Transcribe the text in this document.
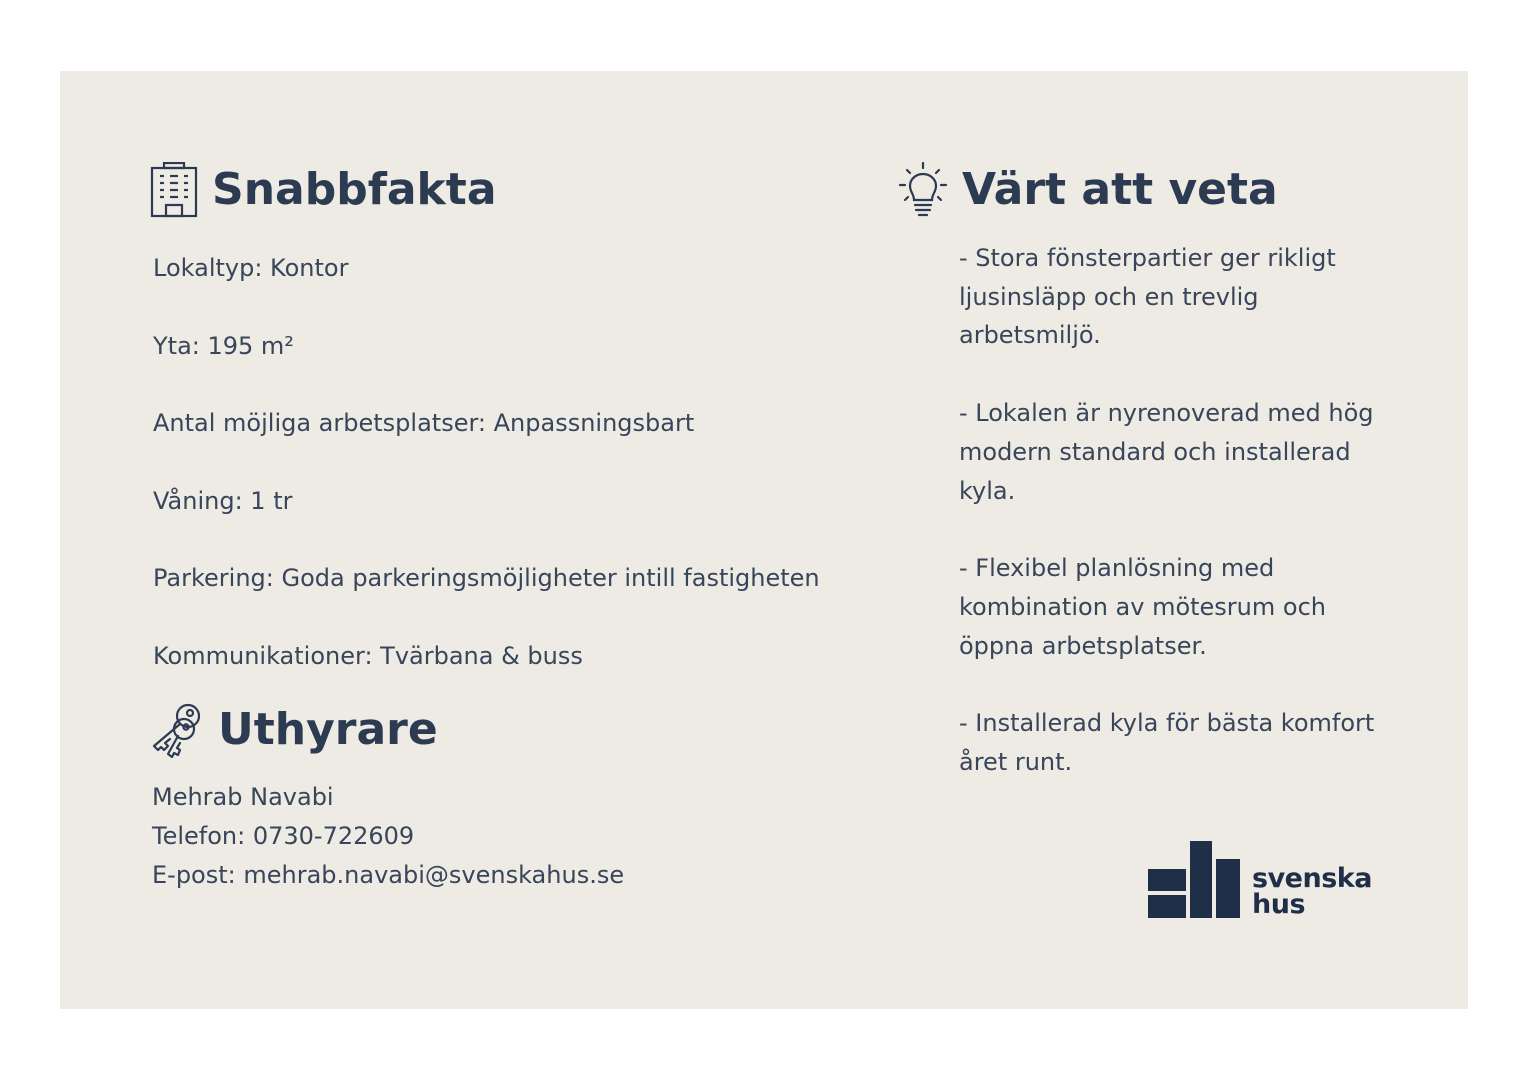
Snabbfakta
Lokaltyp: Kontor
Yta: 195 m²
Antal möjliga arbetsplatser: Anpassningsbart
Våning: 1 tr
Parkering: Goda parkeringsmöjligheter intill fastigheten
Kommunikationer: Tvärbana & buss
Uthyrare
Mehrab Navabi
Telefon: 0730-722609
E-post: mehrab.navabi@svenskahus.se
Värt att veta

- Stora fönsterpartier ger rikligt ljusinsläpp och en trevlig arbetsmiljö.

- Lokalen är nyrenoverad med hög modern standard och installerad kyla.

- Flexibel planlösning med kombination av mötesrum och öppna arbetsplatser.

- Installerad kyla för bästa komfort året runt.

svenska
hus
